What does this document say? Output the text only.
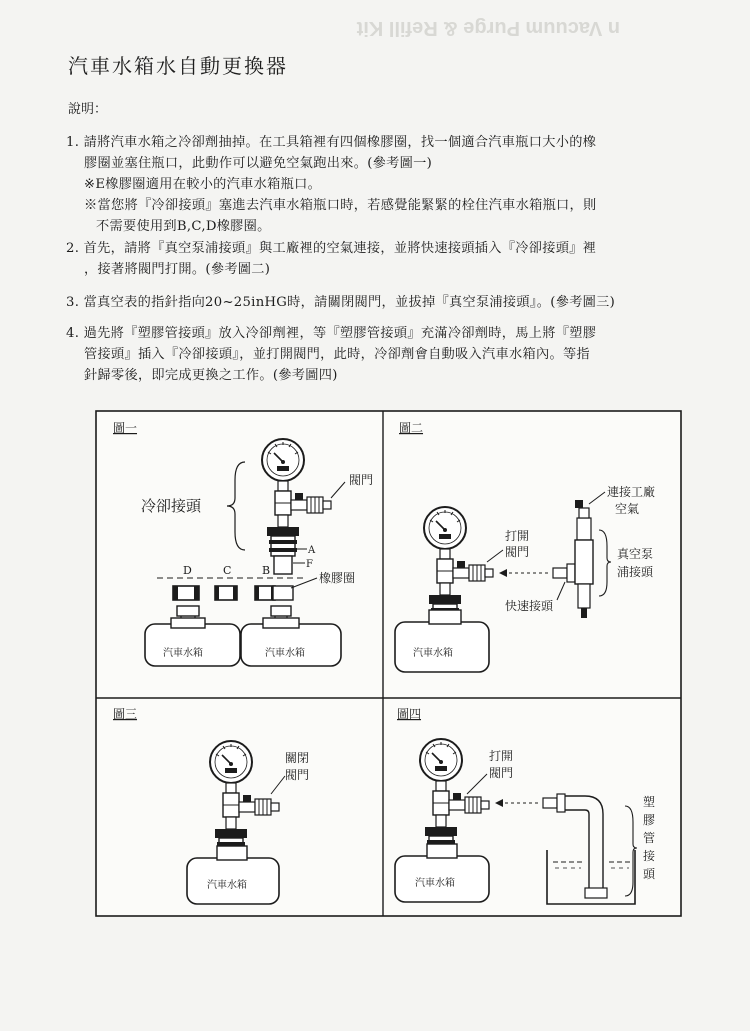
n Vacuum Purge & Refill Kit
汽車水箱水自動更換器
說明：
1. 請將汽車水箱之冷卻劑抽掉。在工具箱裡有四個橡膠圈，找一個適合汽車瓶口大小的橡
膠圈並塞住瓶口，此動作可以避免空氣跑出來。(參考圖一)
※E橡膠圈適用在較小的汽車水箱瓶口。
※當您將『冷卻接頭』塞進去汽車水箱瓶口時，若感覺能緊緊的栓住汽車水箱瓶口，則
不需要使用到B,C,D橡膠圈。
2. 首先，請將『真空泵浦接頭』與工廠裡的空氣連接，並將快速接頭插入『冷卻接頭』裡
，接著將閥門打開。(參考圖二)
3. 當真空表的指針指向20~25inHG時，請關閉閥門，並拔掉『真空泵浦接頭』。(參考圖三)
4. 過先將『塑膠管接頭』放入冷卻劑裡，等『塑膠管接頭』充滿冷卻劑時，馬上將『塑膠
管接頭』插入『冷卻接頭』，並打開閥門，此時，冷卻劑會自動吸入汽車水箱內。等指
針歸零後，即完成更換之工作。(參考圖四)
圖一
閥門
冷卻接頭
A
F
D	C	B
橡膠圈
汽車水箱	汽車水箱
圖二
汽車水箱
打開
閥門
連接工廠
空氣
真空泵
浦接頭
快速接頭
圖三
關閉
閥門
汽車水箱
圖四
打開
閥門
汽車水箱
塑
膠
管
接
頭
